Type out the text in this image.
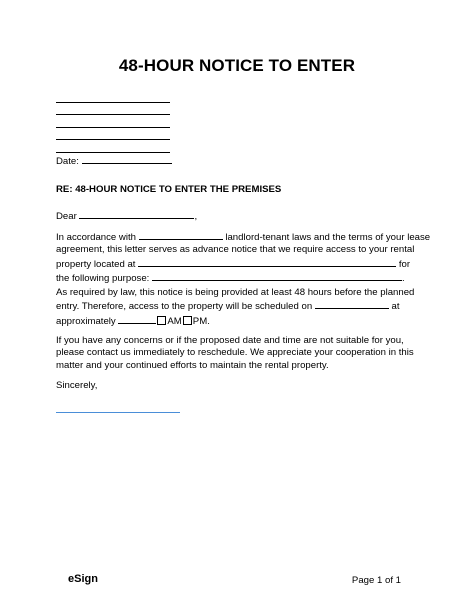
48-HOUR NOTICE TO ENTER
Date:
RE: 48-HOUR NOTICE TO ENTER THE PREMISES
Dear	,
In accordance with	landlord-tenant laws and the terms of your lease
agreement, this letter serves as advance notice that we require access to your rental
property located at	for
the following purpose:	.
As required by law, this notice is being provided at least 48 hours before the planned
entry. Therefore, access to the property will be scheduled on	at
approximately	AM PM.
If you have any concerns or if the proposed date and time are not suitable for you,
please contact us immediately to reschedule. We appreciate your cooperation in this
matter and your continued efforts to maintain the rental property.
Sincerely,
eSign	Page 1 of 1
